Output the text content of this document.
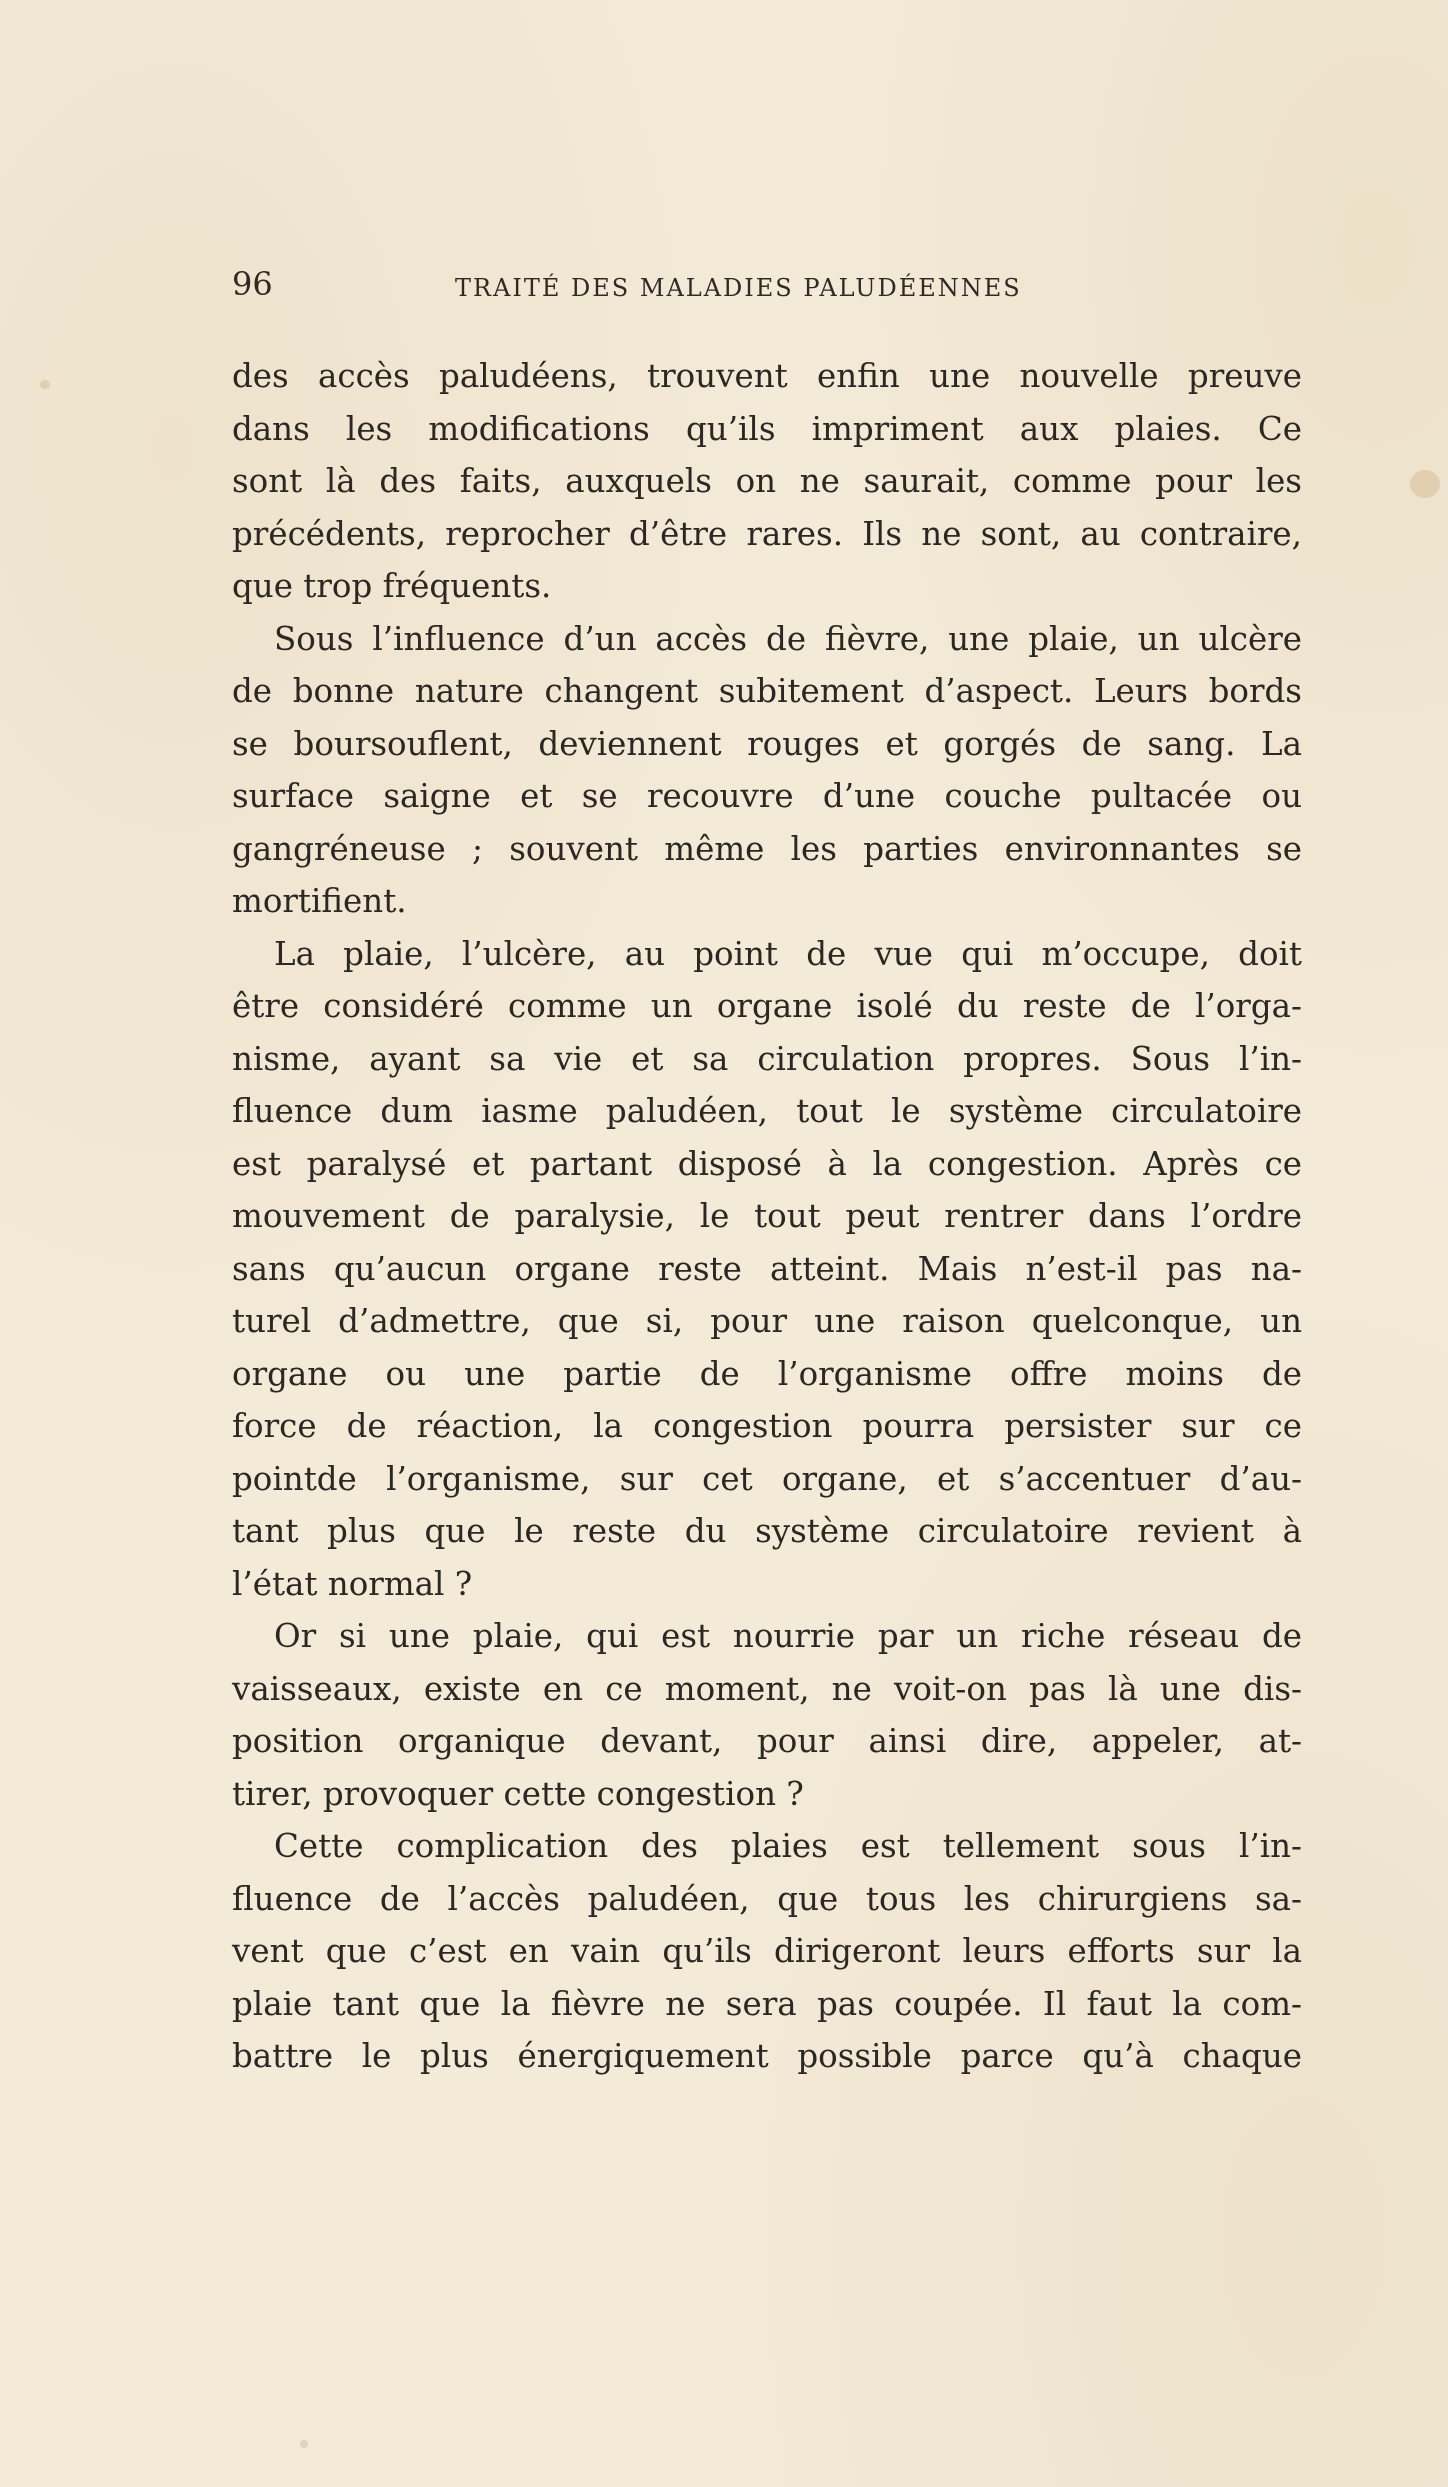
96	TRAITÉ DES MALADIES PALUDÉENNES
des accès paludéens, trouvent enfin une nouvelle preuve
dans les modifications qu’ils impriment aux plaies. Ce
sont là des faits, auxquels on ne saurait, comme pour les
précédents, reprocher d’être rares. Ils ne sont, au contraire,
que trop fréquents.
Sous l’influence d’un accès de fièvre, une plaie, un ulcère
de bonne nature changent subitement d’aspect. Leurs bords
se boursouflent, deviennent rouges et gorgés de sang. La
surface saigne et se recouvre d’une couche pultacée ou
gangréneuse ; souvent même les parties environnantes se
mortifient.
La plaie, l’ulcère, au point de vue qui m’occupe, doit
être considéré comme un organe isolé du reste de l’orga-
nisme, ayant sa vie et sa circulation propres. Sous l’in-
fluence dum iasme paludéen, tout le système circulatoire
est paralysé et partant disposé à la congestion. Après ce
mouvement de paralysie, le tout peut rentrer dans l’ordre
sans qu’aucun organe reste atteint. Mais n’est-il pas na-
turel d’admettre, que si, pour une raison quelconque, un
organe ou une partie de l’organisme offre moins de
force de réaction, la congestion pourra persister sur ce
pointde l’organisme, sur cet organe, et s’accentuer d’au-
tant plus que le reste du système circulatoire revient à
l’état normal ?
Or si une plaie, qui est nourrie par un riche réseau de
vaisseaux, existe en ce moment, ne voit-on pas là une dis-
position organique devant, pour ainsi dire, appeler, at-
tirer, provoquer cette congestion ?
Cette complication des plaies est tellement sous l’in-
fluence de l’accès paludéen, que tous les chirurgiens sa-
vent que c’est en vain qu’ils dirigeront leurs efforts sur la
plaie tant que la fièvre ne sera pas coupée. Il faut la com-
battre le plus énergiquement possible parce qu’à chaque
